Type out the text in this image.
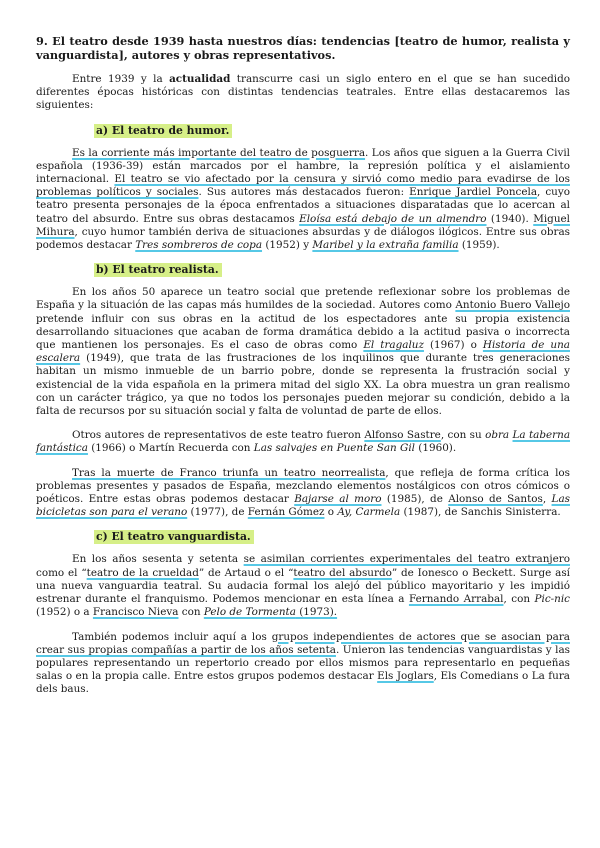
9. El teatro desde 1939 hasta nuestros días: tendencias [teatro de humor, realista y vanguardista], autores y obras representativos.

Entre 1939 y la actualidad transcurre casi un siglo entero en el que se han sucedido diferentes épocas históricas con distintas tendencias teatrales. Entre ellas destacaremos las siguientes:

a) El teatro de humor.

Es la corriente más importante del teatro de posguerra. Los años que siguen a la Guerra Civil española (1936-39) están marcados por el hambre, la represión política y el aislamiento internacional. El teatro se vio afectado por la censura y sirvió como medio para evadirse de los problemas políticos y sociales. Sus autores más destacados fueron: Enrique Jardiel Poncela, cuyo teatro presenta personajes de la época enfrentados a situaciones disparatadas que lo acercan al teatro del absurdo. Entre sus obras destacamos Eloísa está debajo de un almendro (1940). Miguel Mihura, cuyo humor también deriva de situaciones absurdas y de diálogos ilógicos. Entre sus obras podemos destacar Tres sombreros de copa (1952) y Maribel y la extraña familia (1959).

b) El teatro realista.

En los años 50 aparece un teatro social que pretende reflexionar sobre los problemas de España y la situación de las capas más humildes de la sociedad. Autores como Antonio Buero Vallejo pretende influir con sus obras en la actitud de los espectadores ante su propia existencia desarrollando situaciones que acaban de forma dramática debido a la actitud pasiva o incorrecta que mantienen los personajes. Es el caso de obras como El tragaluz (1967) o Historia de una escalera (1949), que trata de las frustraciones de los inquilinos que durante tres generaciones habitan un mismo inmueble de un barrio pobre, donde se representa la frustración social y existencial de la vida española en la primera mitad del siglo XX. La obra muestra un gran realismo con un carácter trágico, ya que no todos los personajes pueden mejorar su condición, debido a la falta de recursos por su situación social y falta de voluntad de parte de ellos.

Otros autores de representativos de este teatro fueron Alfonso Sastre, con su obra La taberna fantástica (1966) o Martín Recuerda con Las salvajes en Puente San Gil (1960).

Tras la muerte de Franco triunfa un teatro neorrealista, que refleja de forma crítica los problemas presentes y pasados de España, mezclando elementos nostálgicos con otros cómicos o poéticos. Entre estas obras podemos destacar Bajarse al moro (1985), de Alonso de Santos, Las bicicletas son para el verano (1977), de Fernán Gómez o Ay, Carmela (1987), de Sanchis Sinisterra.

c) El teatro vanguardista.

En los años sesenta y setenta se asimilan corrientes experimentales del teatro extranjero como el “teatro de la crueldad” de Artaud o el “teatro del absurdo” de Ionesco o Beckett. Surge así una nueva vanguardia teatral. Su audacia formal los alejó del público mayoritario y les impidió estrenar durante el franquismo. Podemos mencionar en esta línea a Fernando Arrabal, con Pic-nic (1952) o a Francisco Nieva con Pelo de Tormenta (1973).

También podemos incluir aquí a los grupos independientes de actores que se asocian para crear sus propias compañías a partir de los años setenta. Unieron las tendencias vanguardistas y las populares representando un repertorio creado por ellos mismos para representarlo en pequeñas salas o en la propia calle. Entre estos grupos podemos destacar Els Joglars, Els Comedians o La fura dels baus.
